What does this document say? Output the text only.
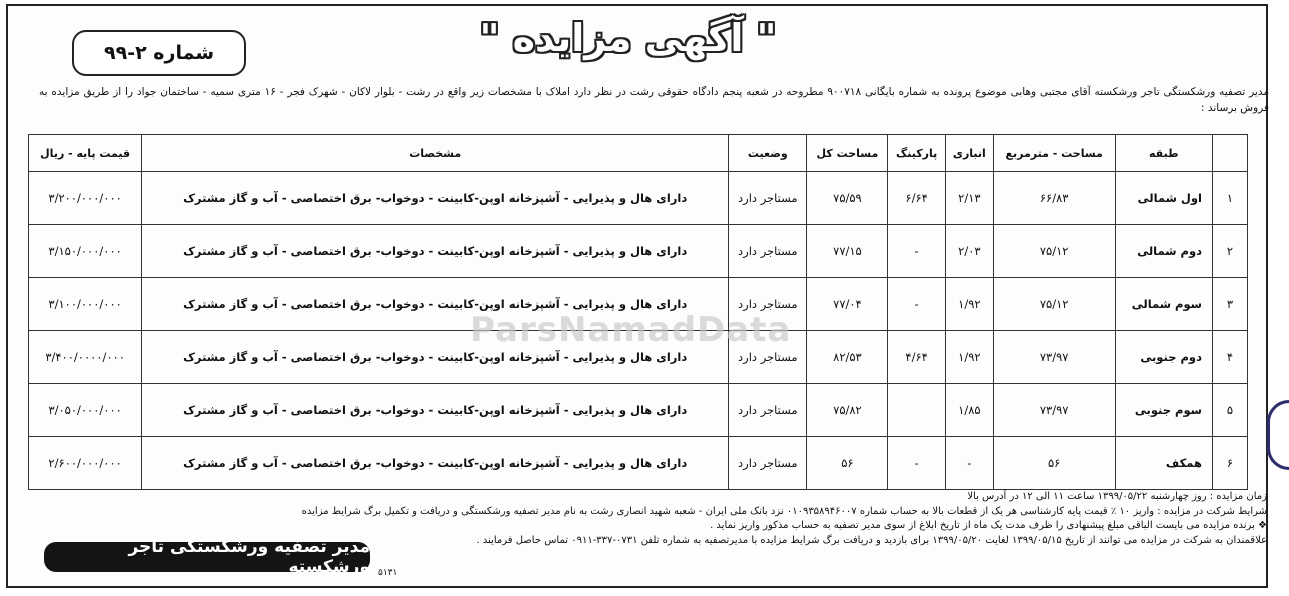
شماره ۲-۹۹	" آگهی مزایده "
مدیر تصفیه ورشکستگی تاجر ورشکسته آقای مجتبی وهابی موضوع پرونده به شماره بایگانی ۹۰۰۷۱۸ مطروحه در شعبه پنجم دادگاه حقوقی رشت در نظر دارد املاک با مشخصات زیر واقع در رشت - بلوار لاکان - شهرک فجر - ۱۶ متری سمیه - ساختمان جواد را از طریق مزایده به فروش برساند :
	طبقه	مساحت - مترمربع	انباری	پارکینگ	مساحت کل	وضعیت	مشخصات	قیمت پایه - ریال
۱	اول شمالی	۶۶/۸۳	۲/۱۳	۶/۶۴	۷۵/۵۹	مستاجر دارد	دارای هال و پذیرایی - آشپزخانه اوپن-کابینت - دوخواب- برق اختصاصی - آب و گاز مشترک	۳/۲۰۰/۰۰۰/۰۰۰
۲	دوم شمالی	۷۵/۱۲	۲/۰۳	-	۷۷/۱۵	مستاجر دارد	دارای هال و پذیرایی - آشپزخانه اوپن-کابینت - دوخواب- برق اختصاصی - آب و گاز مشترک	۳/۱۵۰/۰۰۰/۰۰۰
۳	سوم شمالی	۷۵/۱۲	۱/۹۲	-	۷۷/۰۴	مستاجر دارد	دارای هال و پذیرایی - آشپزخانه اوپن-کابینت - دوخواب- برق اختصاصی - آب و گاز مشترک	۳/۱۰۰/۰۰۰/۰۰۰
۴	دوم جنوبی	۷۳/۹۷	۱/۹۲	۴/۶۴	۸۲/۵۳	مستاجر دارد	دارای هال و پذیرایی - آشپزخانه اوپن-کابینت - دوخواب- برق اختصاصی - آب و گاز مشترک	۳/۴۰۰/۰۰۰۰/۰۰۰
۵	سوم جنوبی	۷۳/۹۷	۱/۸۵		۷۵/۸۲	مستاجر دارد	دارای هال و پذیرایی - آشپزخانه اوپن-کابینت - دوخواب- برق اختصاصی - آب و گاز مشترک	۳/۰۵۰/۰۰۰/۰۰۰
۶	همکف	۵۶	-	-	۵۶	مستاجر دارد	دارای هال و پذیرایی - آشپزخانه اوپن-کابینت - دوخواب- برق اختصاصی - آب و گاز مشترک	۲/۶۰۰/۰۰۰/۰۰۰
زمان مزایده : روز چهارشنبه ۱۳۹۹/۰۵/۲۲ ساعت ۱۱ الی ۱۲ در آدرس بالا
شرایط شرکت در مزایده : واریز ۱۰ ٪ قیمت پایه کارشناسی هر یک از قطعات بالا به حساب شماره ۰۱۰۹۳۵۸۹۴۶۰۰۷ نزد بانک ملی ایران - شعبه شهید انصاری رشت به نام مدیر تصفیه ورشکستگی و دریافت و تکمیل برگ شرایط مزایده
❖ برنده مزایده می بایست الباقی مبلغ پیشنهادی را ظرف مدت یک ماه از تاریخ ابلاغ از سوی مدیر تصفیه به حساب مذکور واریز نماید .
علاقمندان به شرکت در مزایده می توانند از تاریخ ۱۳۹۹/۰۵/۱۵ لغایت ۱۳۹۹/۰۵/۲۰ برای بازدید و دریافت برگ شرایط مزایده با مدیرتصفیه به شماره تلفن ۰۷۳۱-۳۳۷-۰۹۱۱ تماس حاصل فرمایند .
مدیر تصفیه ورشکستگی تاجر ورشکسته ۵۱۳۱
ParsNamadData
